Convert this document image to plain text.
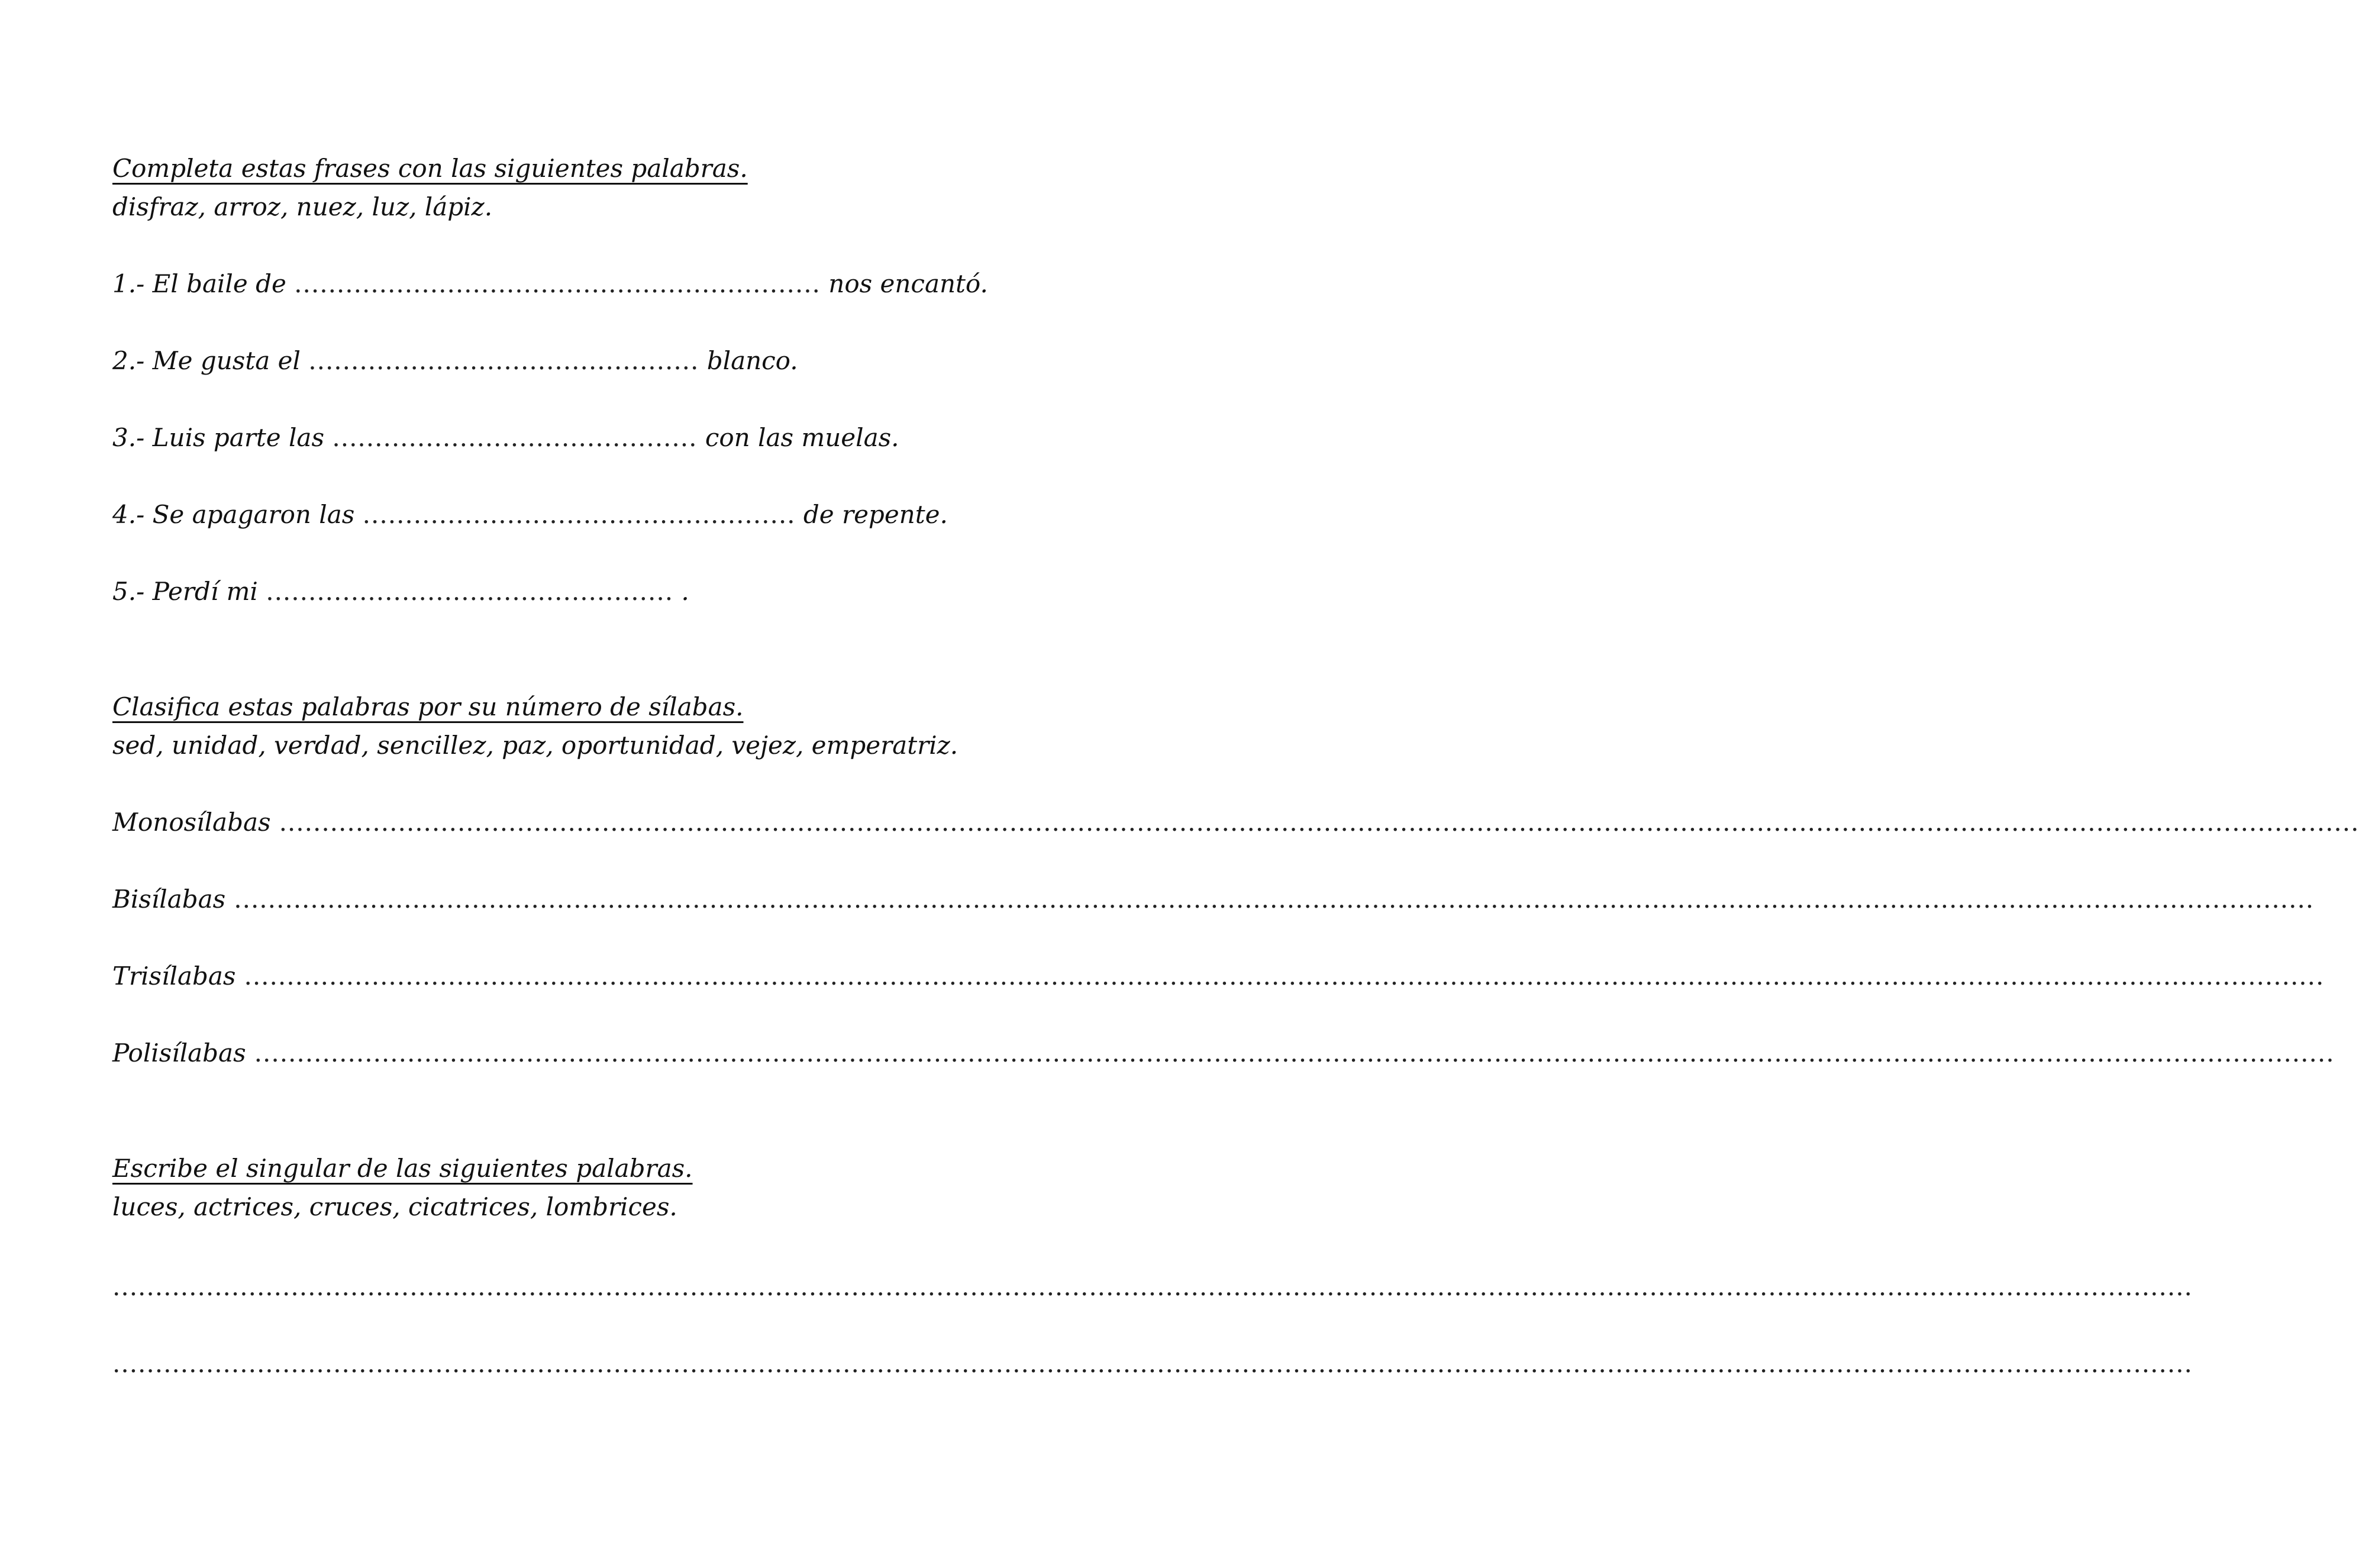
Completa estas frases con las siguientes palabras.
disfraz, arroz, nuez, luz, lápiz.
1.- El baile de .............................................................. nos encantó.
2.- Me gusta el .............................................. blanco.
3.- Luis parte las ........................................... con las muelas.
4.- Se apagaron las ................................................... de repente.
5.- Perdí mi ................................................ .
Clasifica estas palabras por su número de sílabas.
sed, unidad, verdad, sencillez, paz, oportunidad, vejez, emperatriz.
Monosílabas .....................................................................................................................................................................................................................................................
Bisílabas .....................................................................................................................................................................................................................................................
Trisílabas .....................................................................................................................................................................................................................................................
Polisílabas .....................................................................................................................................................................................................................................................
Escribe el singular de las siguientes palabras.
luces, actrices, cruces, cicatrices, lombrices.
.....................................................................................................................................................................................................................................................
.....................................................................................................................................................................................................................................................
